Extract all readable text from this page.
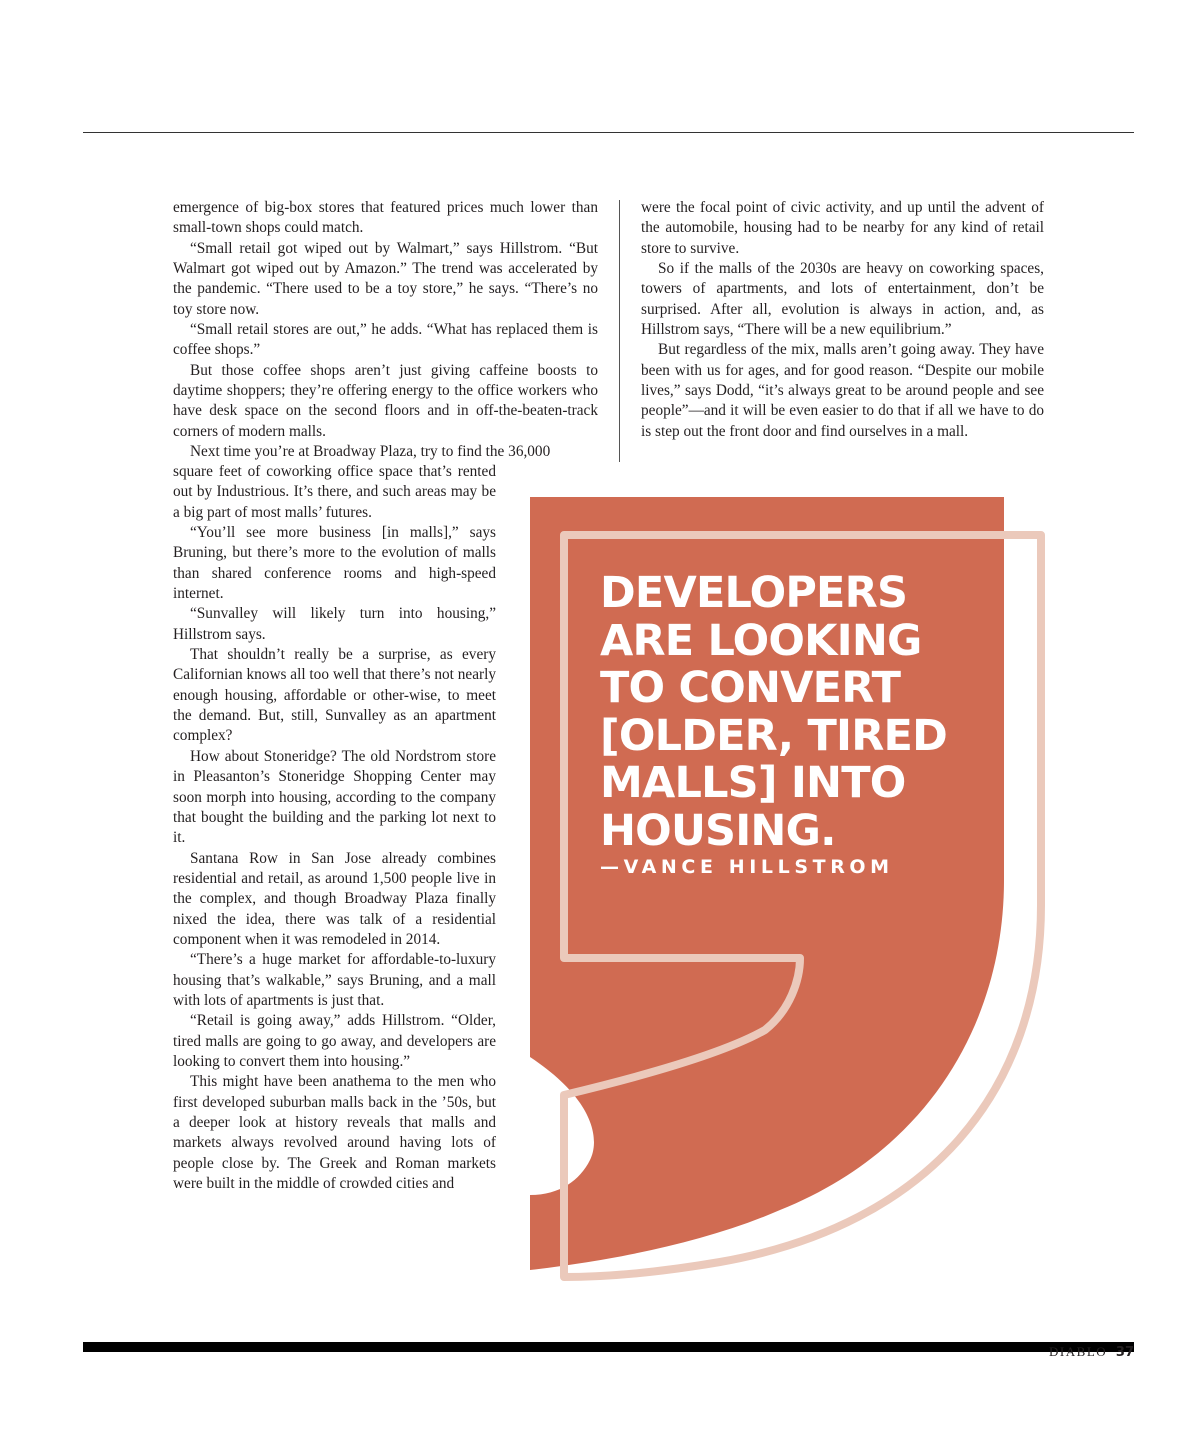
emergence of big-box stores that featured prices much lower than small-town shops could match.

“Small retail got wiped out by Walmart,” says Hillstrom. “But Walmart got wiped out by Amazon.” The trend was accelerated by the pandemic. “There used to be a toy store,” he says. “There’s no toy store now.

“Small retail stores are out,” he adds. “What has replaced them is coffee shops.”

But those coffee shops aren’t just giving caffeine boosts to daytime shoppers; they’re offering energy to the office workers who have desk space on the second floors and in off-the-beaten-track corners of modern malls.

Next time you’re at Broadway Plaza, try to find the 36,000

square feet of coworking office space that’s rented out by Industrious. It’s there, and such areas may be a big part of most malls’ futures.

“You’ll see more business [in malls],” says Bruning, but there’s more to the evolution of malls than shared conference rooms and high-speed internet.

“Sunvalley will likely turn into housing,” Hillstrom says.

That shouldn’t really be a surprise, as every Californian knows all too well that there’s not nearly enough housing, affordable or other-wise, to meet the demand. But, still, Sunvalley as an apartment complex?

How about Stoneridge? The old Nordstrom store in Pleasanton’s Stoneridge Shopping Center may soon morph into housing, according to the company that bought the building and the parking lot next to it.

Santana Row in San Jose already combines residential and retail, as around 1,500 people live in the complex, and though Broadway Plaza finally nixed the idea, there was talk of a residential component when it was remodeled in 2014.

“There’s a huge market for affordable-to-luxury housing that’s walkable,” says Bruning, and a mall with lots of apartments is just that.

“Retail is going away,” adds Hillstrom. “Older, tired malls are going to go away, and developers are looking to convert them into housing.”

This might have been anathema to the men who first developed suburban malls back in the ’50s, but a deeper look at history reveals that malls and markets always revolved around having lots of people close by. The Greek and Roman markets were built in the middle of crowded cities and

were the focal point of civic activity, and up until the advent of the automobile, housing had to be nearby for any kind of retail store to survive.

So if the malls of the 2030s are heavy on coworking spaces, towers of apartments, and lots of entertainment, don’t be surprised. After all, evolution is always in action, and, as Hillstrom says, “There will be a new equilibrium.”

But regardless of the mix, malls aren’t going away. They have been with us for ages, and for good reason. “Despite our mobile lives,” says Dodd, “it’s always great to be around people and see people”—and it will be even easier to do that if all we have to do is step out the front door and find ourselves in a mall.

DEVELOPERS
ARE LOOKING
TO CONVERT
[OLDER, TIRED
MALLS] INTO
HOUSING.

—VANCE HILLSTROM

DIABLO 37
